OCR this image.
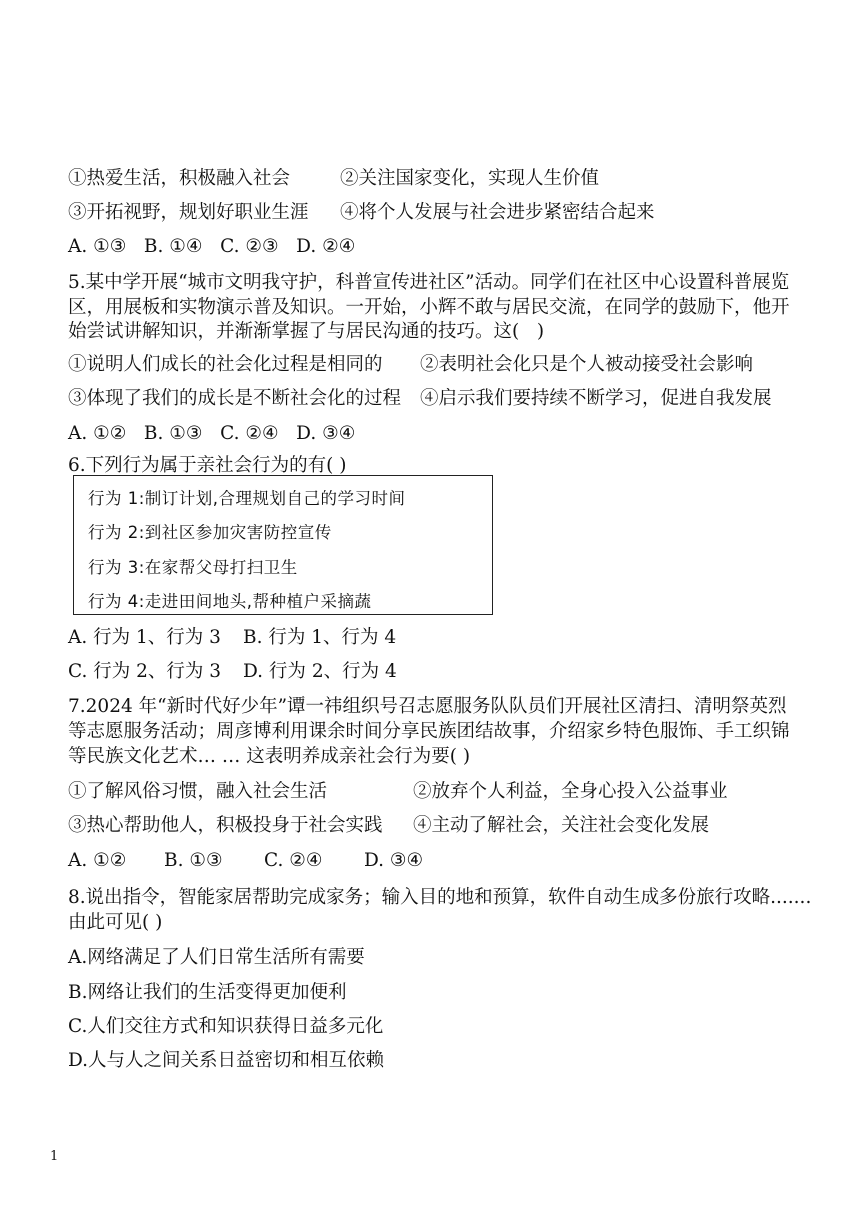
①热爱生活，积极融入社会	②关注国家变化，实现人生价值
③开拓视野，规划好职业生涯 ④将个人发展与社会进步紧密结合起来
A. ①③   B. ①④   C. ②③   D. ②④
5.某中学开展“城市文明我守护，科普宣传进社区”活动。同学们在社区中心设置科普展览
区，用展板和实物演示普及知识。一开始，小辉不敢与居民交流，在同学的鼓励下，他开
始尝试讲解知识，并渐渐掌握了与居民沟通的技巧。这(   )
①说明人们成长的社会化过程是相同的 ②表明社会化只是个人被动接受社会影响
③体现了我们的成长是不断社会化的过程 ④启示我们要持续不断学习，促进自我发展
A. ①②   B. ①③   C. ②④   D. ③④
6.下列行为属于亲社会行为的有( )
行为 1:制订计划,合理规划自己的学习时间
行为 2:到社区参加灾害防控宣传
行为 3:在家帮父母打扫卫生
行为 4:走进田间地头,帮种植户采摘蔬
A. 行为 1、行为 3 B. 行为 1、行为 4
C. 行为 2、行为 3 D. 行为 2、行为 4
7.2024 年“新时代好少年”谭一祎组织号召志愿服务队队员们开展社区清扫、清明祭英烈
等志愿服务活动；周彦博利用课余时间分享民族团结故事，介绍家乡特色服饰、手工织锦
等民族文化艺术… … 这表明养成亲社会行为要( )
①了解风俗习惯，融入社会生活	②放弃个人利益，全身心投入公益事业
③热心帮助他人，积极投身于社会实践 ④主动了解社会，关注社会变化发展
A. ①② B. ①③ C. ②④ D. ③④
8.说出指令，智能家居帮助完成家务；输入目的地和预算，软件自动生成多份旅行攻略.......
由此可见( )
A.网络满足了人们日常生活所有需要
B.网络让我们的生活变得更加便利
C.人们交往方式和知识获得日益多元化
D.人与人之间关系日益密切和相互依赖
1
